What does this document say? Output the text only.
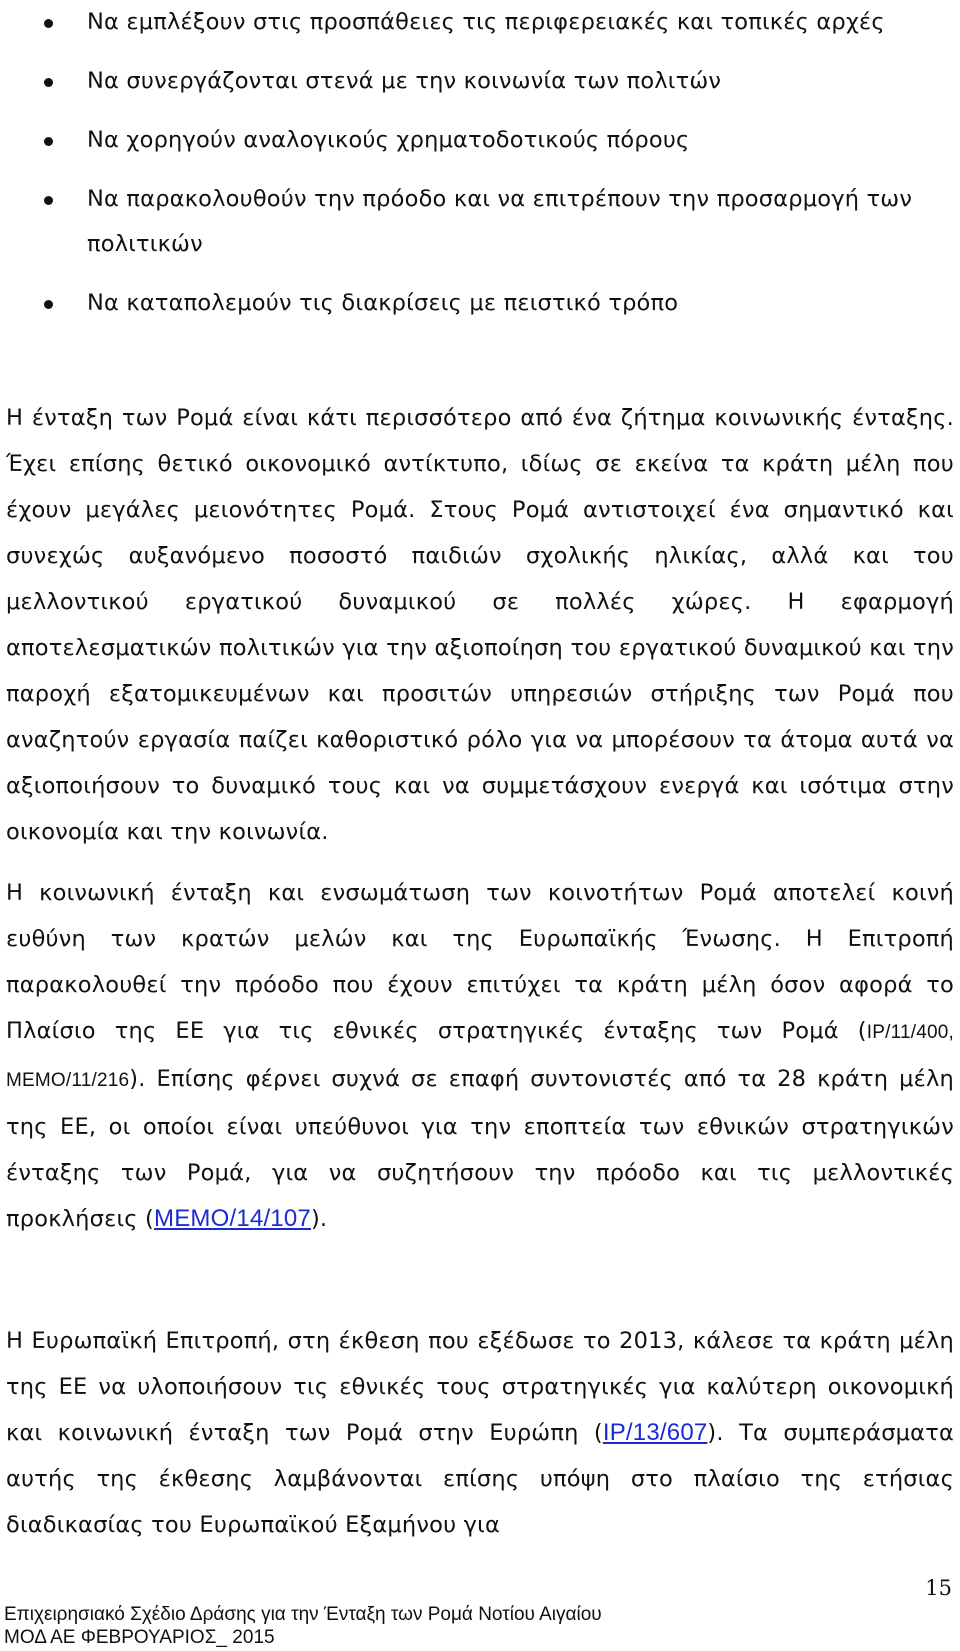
Να εμπλέξουν στις προσπάθειες τις περιφερειακές και τοπικές αρχές
Να συνεργάζονται στενά με την κοινωνία των πολιτών
Να χορηγούν αναλογικούς χρηματοδοτικούς πόρους
Να παρακολουθούν την πρόοδο και να επιτρέπουν την προσαρμογή των πολιτικών
Να καταπολεμούν τις διακρίσεις με πειστικό τρόπο

Η ένταξη των Ρομά είναι κάτι περισσότερο από ένα ζήτημα κοινωνικής ένταξης. Έχει επίσης θετικό οικονομικό αντίκτυπο, ιδίως σε εκείνα τα κράτη μέλη που έχουν μεγάλες μειονότητες Ρομά. Στους Ρομά αντιστοιχεί ένα σημαντικό και συνεχώς αυξανόμενο ποσοστό παιδιών σχολικής ηλικίας, αλλά και του μελλοντικού εργατικού δυναμικού σε πολλές χώρες. Η εφαρμογή αποτελεσματικών πολιτικών για την αξιοποίηση του εργατικού δυναμικού και την παροχή εξατομικευμένων και προσιτών υπηρεσιών στήριξης των Ρομά που αναζητούν εργασία παίζει καθοριστικό ρόλο για να μπορέσουν τα άτομα αυτά να αξιοποιήσουν το δυναμικό τους και να συμμετάσχουν ενεργά και ισότιμα στην οικονομία και την κοινωνία.

Η κοινωνική ένταξη και ενσωμάτωση των κοινοτήτων Ρομά αποτελεί κοινή ευθύνη των κρατών μελών και της Ευρωπαϊκής Ένωσης. Η Επιτροπή παρακολουθεί την πρόοδο που έχουν επιτύχει τα κράτη μέλη όσον αφορά το Πλαίσιο της ΕΕ για τις εθνικές στρατηγικές ένταξης των Ρομά (IP/11/400, MEMO/11/216). Επίσης φέρνει συχνά σε επαφή συντονιστές από τα 28 κράτη μέλη της ΕΕ, οι οποίοι είναι υπεύθυνοι για την εποπτεία των εθνικών στρατηγικών ένταξης των Ρομά, για να συζητήσουν την πρόοδο και τις μελλοντικές προκλήσεις (MEMO/14/107).

Η Ευρωπαϊκή Επιτροπή, στη έκθεση που εξέδωσε το 2013, κάλεσε τα κράτη μέλη της ΕΕ να υλοποιήσουν τις εθνικές τους στρατηγικές για καλύτερη οικονομική και κοινωνική ένταξη των Ρομά στην Ευρώπη (IP/13/607). Τα συμπεράσματα αυτής της έκθεσης λαμβάνονται επίσης υπόψη στο πλαίσιο της ετήσιας διαδικασίας του Ευρωπαϊκού Εξαμήνου για

15
Επιχειρησιακό Σχέδιο Δράσης για την Ένταξη των Ρομά Νοτίου Αιγαίου
ΜΟΔ ΑΕ ΦΕΒΡΟΥΑΡΙΟΣ_ 2015
